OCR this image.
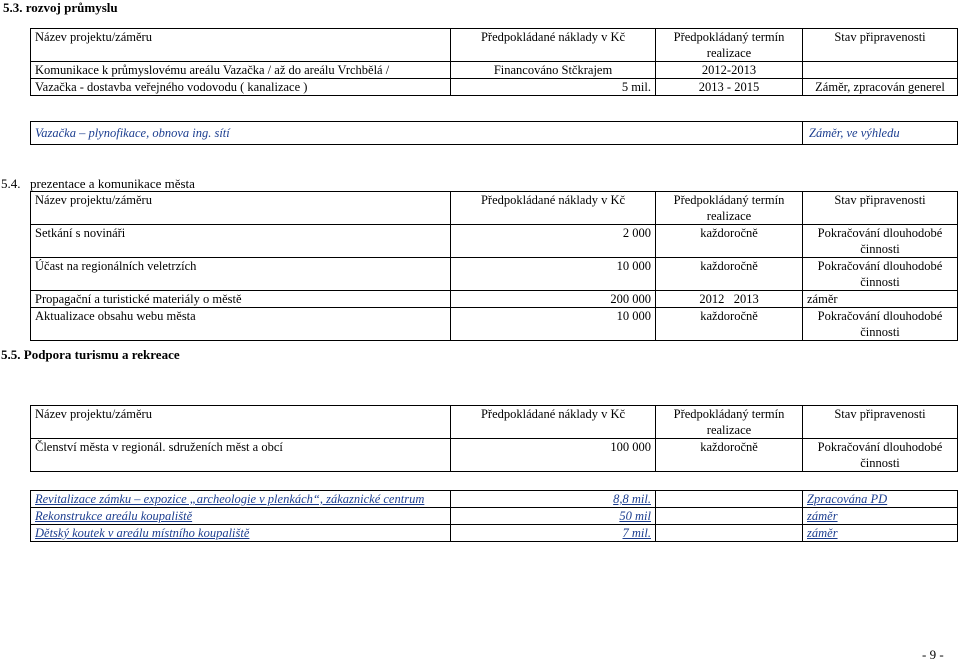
5.3. rozvoj průmyslu
Název projektu/záměru	Předpokládané náklady v Kč	Předpokládaný termín realizace	Stav připravenosti
Komunikace k průmyslovému areálu Vazačka / až do areálu Vrchbělá /	Financováno Stčkrajem	2012-2013	
Vazačka - dostavba veřejného vodovodu ( kanalizace )	5 mil.	2013 - 2015	Záměr, zpracován generel
Vazačka – plynofikace, obnova ing. sítí	Záměr, ve výhledu
5.4. prezentace a komunikace města
Název projektu/záměru	Předpokládané náklady v Kč	Předpokládaný termín realizace	Stav připravenosti
Setkání s novináři	2 000	každoročně	Pokračování dlouhodobé činnosti
Účast na regionálních veletrzích	10 000	každoročně	Pokračování dlouhodobé činnosti
Propagační a turistické materiály o městě	200 000	2012   2013	záměr
Aktualizace obsahu webu města	10 000	každoročně	Pokračování dlouhodobé činnosti
5.5. Podpora turismu a rekreace
Název projektu/záměru	Předpokládané náklady v Kč	Předpokládaný termín realizace	Stav připravenosti
Členství města v regionál. sdruženích měst a obcí	100 000	každoročně	Pokračování dlouhodobé činnosti
Revitalizace zámku – expozice „archeologie v plenkách“, zákaznické centrum	8,8 mil.		Zpracována PD
Rekonstrukce areálu koupaliště	50 mil		záměr
Dětský koutek v areálu místního koupaliště	7 mil.		záměr
- 9 -
